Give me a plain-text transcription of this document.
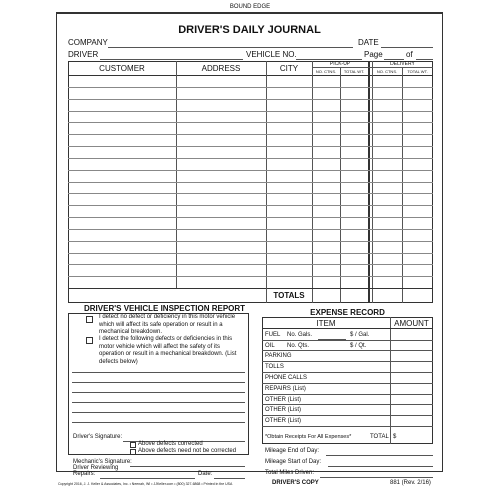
BOUND EDGE
DRIVER'S DAILY JOURNAL
COMPANY	DATE
DRIVER	VEHICLE NO.	Page	of
CUSTOMER	ADDRESS	CITY	PICK-UP	DELIVERY
NO. CTNS.	TOTAL WT.	NO. CTNS.	TOTAL WT.
TOTALS
DRIVER'S VEHICLE INSPECTION REPORT
I detect no defect or deficiency in this motor vehicle which will affect its safe operation or result in a mechanical breakdown.
I detect the following defects or deficiencies in this motor vehicle which will affect the safety of its operation or result in a mechanical breakdown. (List defects below)
Driver's Signature:
Above defects corrected
Above defects need not be corrected
Mechanic's Signature:
Driver Reviewing
Repairs:	Date:
EXPENSE RECORD
ITEM	AMOUNT
FUEL No. Gals.	$ / Gal.
OIL No. Qts.	$ / Qt.
PARKING
TOLLS
PHONE CALLS
REPAIRS (List)
OTHER (List)
OTHER (List)
OTHER (List)
*Obtain Receipts For All Expenses*	TOTAL $
Mileage End of Day:
Mileage Start of Day:
Total Miles Driven:
Copyright 2016, J. J. Keller & Associates, Inc. • Neenah, WI • JJKeller.com • (800) 327-6868 • Printed in the USA	DRIVER'S COPY	881 (Rev. 2/16)
